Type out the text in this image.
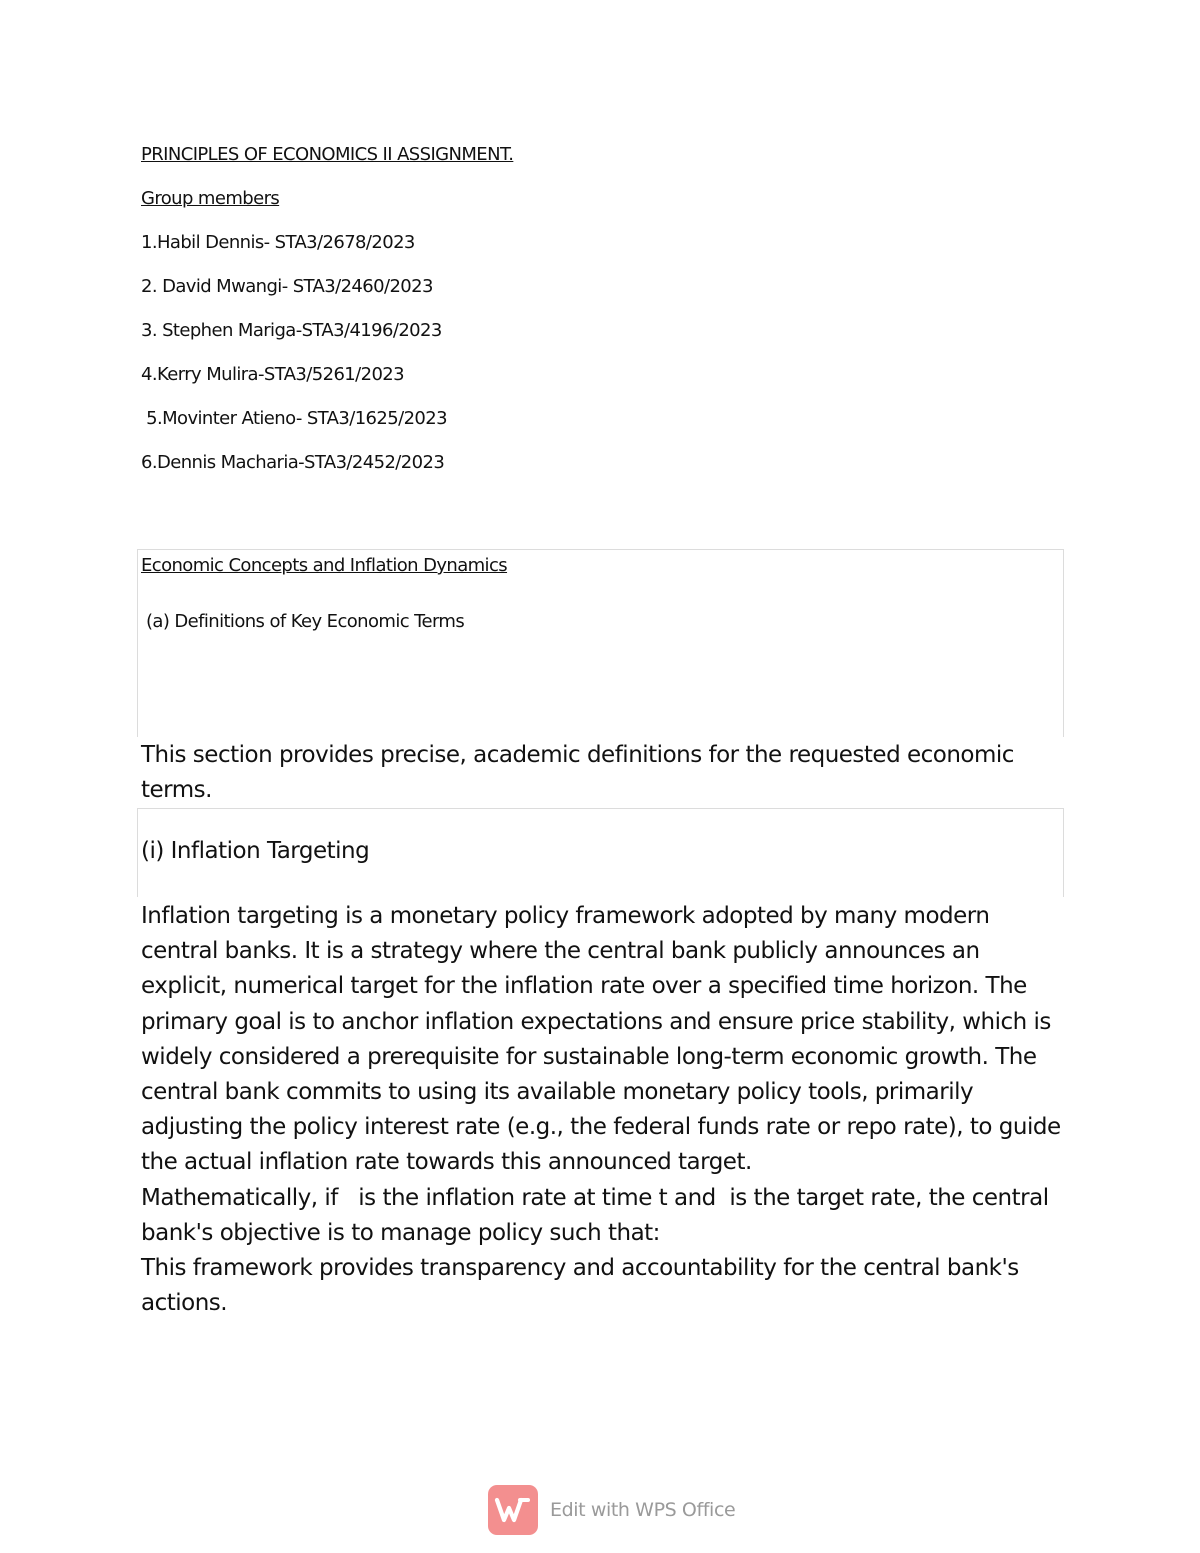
PRINCIPLES OF ECONOMICS II ASSIGNMENT.
Group members
1.Habil Dennis- STA3/2678/2023
2. David Mwangi- STA3/2460/2023
3. Stephen Mariga-STA3/4196/2023
4.Kerry Mulira-STA3/5261/2023
5.Movinter Atieno- STA3/1625/2023
6.Dennis Macharia-STA3/2452/2023
Economic Concepts and Inflation Dynamics
(a) Definitions of Key Economic Terms
This section provides precise, academic definitions for the requested economic terms.
(i) Inflation Targeting
Inflation targeting is a monetary policy framework adopted by many modern central banks. It is a strategy where the central bank publicly announces an explicit, numerical target for the inflation rate over a specified time horizon. The primary goal is to anchor inflation expectations and ensure price stability, which is widely considered a prerequisite for sustainable long-term economic growth. The central bank commits to using its available monetary policy tools, primarily adjusting the policy interest rate (e.g., the federal funds rate or repo rate), to guide the actual inflation rate towards this announced target.
Mathematically, if   is the inflation rate at time t and  is the target rate, the central bank's objective is to manage policy such that:
This framework provides transparency and accountability for the central bank's actions.
Edit with WPS Office
